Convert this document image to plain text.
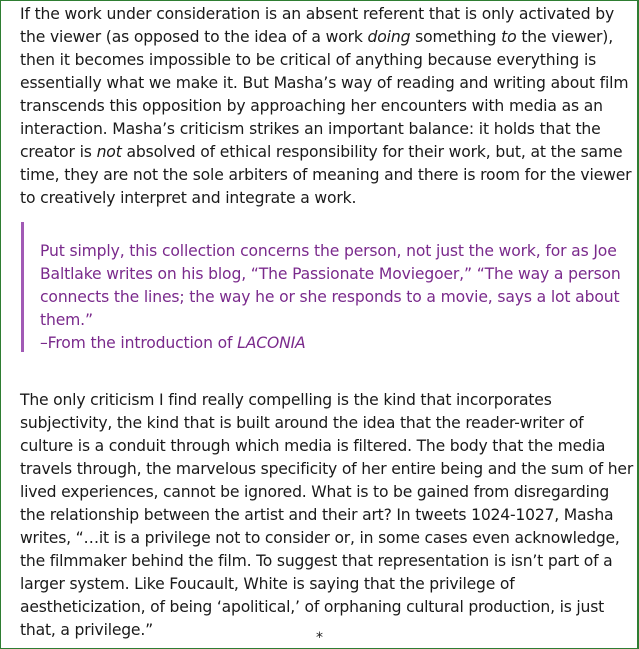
If the work under consideration is an absent referent that is only activated by the viewer (as opposed to the idea of a work doing something to the viewer), then it becomes impossible to be critical of anything because everything is essentially what we make it. But Masha’s way of reading and writing about film transcends this opposition by approaching her encounters with media as an interaction. Masha’s criticism strikes an important balance: it holds that the creator is not absolved of ethical responsibility for their work, but, at the same time, they are not the sole arbiters of meaning and there is room for the viewer to creatively interpret and integrate a work.

Put simply, this collection concerns the person, not just the work, for as Joe Baltlake writes on his blog, “The Passionate Moviegoer,” “The way a person connects the lines; the way he or she responds to a movie, says a lot about them.”
–From the introduction of LACONIA

The only criticism I find really compelling is the kind that incorporates subjectivity, the kind that is built around the idea that the reader-writer of culture is a conduit through which media is filtered. The body that the media travels through, the marvelous specificity of her entire being and the sum of her lived experiences, cannot be ignored. What is to be gained from disregarding the relationship between the artist and their art? In tweets 1024-1027, Masha writes, “…it is a privilege not to consider or, in some cases even acknowledge, the filmmaker behind the film. To suggest that representation is isn’t part of a larger system. Like Foucault, White is saying that the privilege of aestheticization, of being ‘apolitical,’ of orphaning cultural production, is just that, a privilege.”	*
